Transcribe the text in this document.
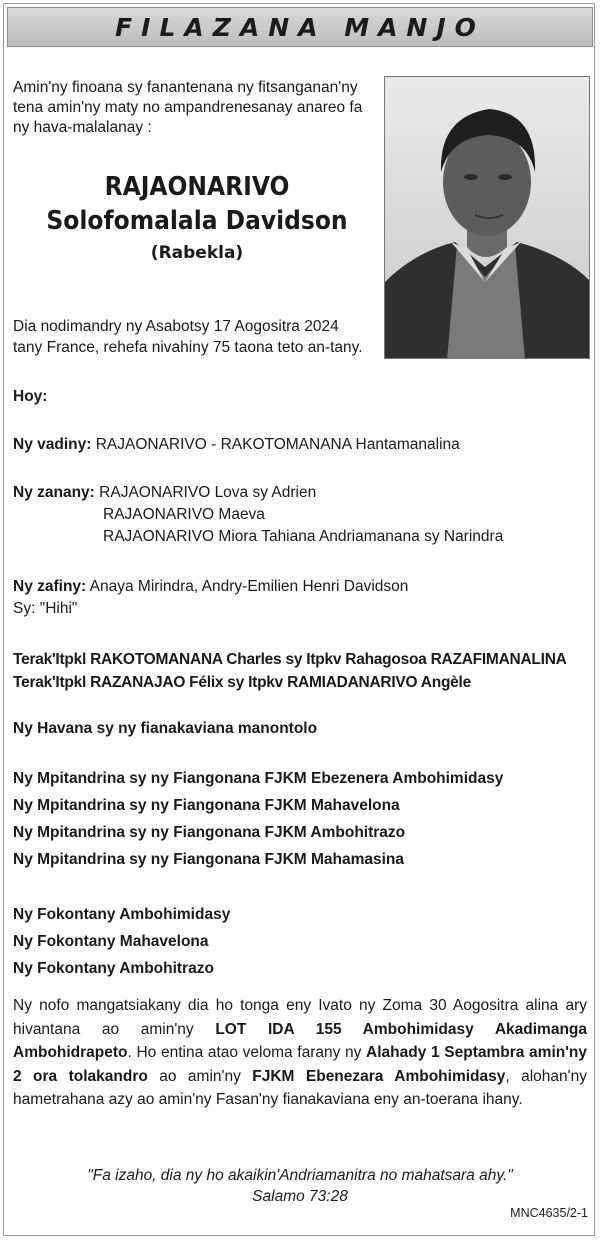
FILAZANA MANJO
Amin'ny finoana sy fanantenana ny fitsanganan'ny tena amin'ny maty no ampandrenesanay anareo fa ny hava-malalanay :
RAJAONARIVO
Solofomalala Davidson
(Rabekla)
Dia nodimandry ny Asabotsy 17 Aogositra 2024
tany France, rehefa nivahiny 75 taona teto an-tany.
Hoy:
Ny vadiny: RAJAONARIVO - RAKOTOMANANA Hantamanalina
Ny zanany: RAJAONARIVO Lova sy Adrien
RAJAONARIVO Maeva
RAJAONARIVO Miora Tahiana Andriamanana sy Narindra
Ny zafiny: Anaya Mirindra, Andry-Emilien Henri Davidson
Sy: "Hihi"
Terak'Itpkl RAKOTOMANANA Charles sy Itpkv Rahagosoa RAZAFIMANALINA
Terak'Itpkl RAZANAJAO Félix sy Itpkv RAMIADANARIVO Angèle
Ny Havana sy ny fianakaviana manontolo
Ny Mpitandrina sy ny Fiangonana FJKM Ebezenera Ambohimidasy
Ny Mpitandrina sy ny Fiangonana FJKM Mahavelona
Ny Mpitandrina sy ny Fiangonana FJKM Ambohitrazo
Ny Mpitandrina sy ny Fiangonana FJKM Mahamasina
Ny Fokontany Ambohimidasy
Ny Fokontany Mahavelona
Ny Fokontany Ambohitrazo
Ny nofo mangatsiakany dia ho tonga eny Ivato ny Zoma 30 Aogositra alina ary hivantana ao amin'ny LOT IDA 155 Ambohimidasy Akadimanga Ambohidrapeto. Ho entina atao veloma farany ny Alahady 1 Septambra amin'ny 2 ora tolakandro ao amin'ny FJKM Ebenezara Ambohimidasy, alohan'ny hametrahana azy ao amin'ny Fasan'ny fianakaviana eny an-toerana ihany.
"Fa izaho, dia ny ho akaikin'Andriamanitra no mahatsara ahy."
Salamo 73:28
MNC4635/2-1
